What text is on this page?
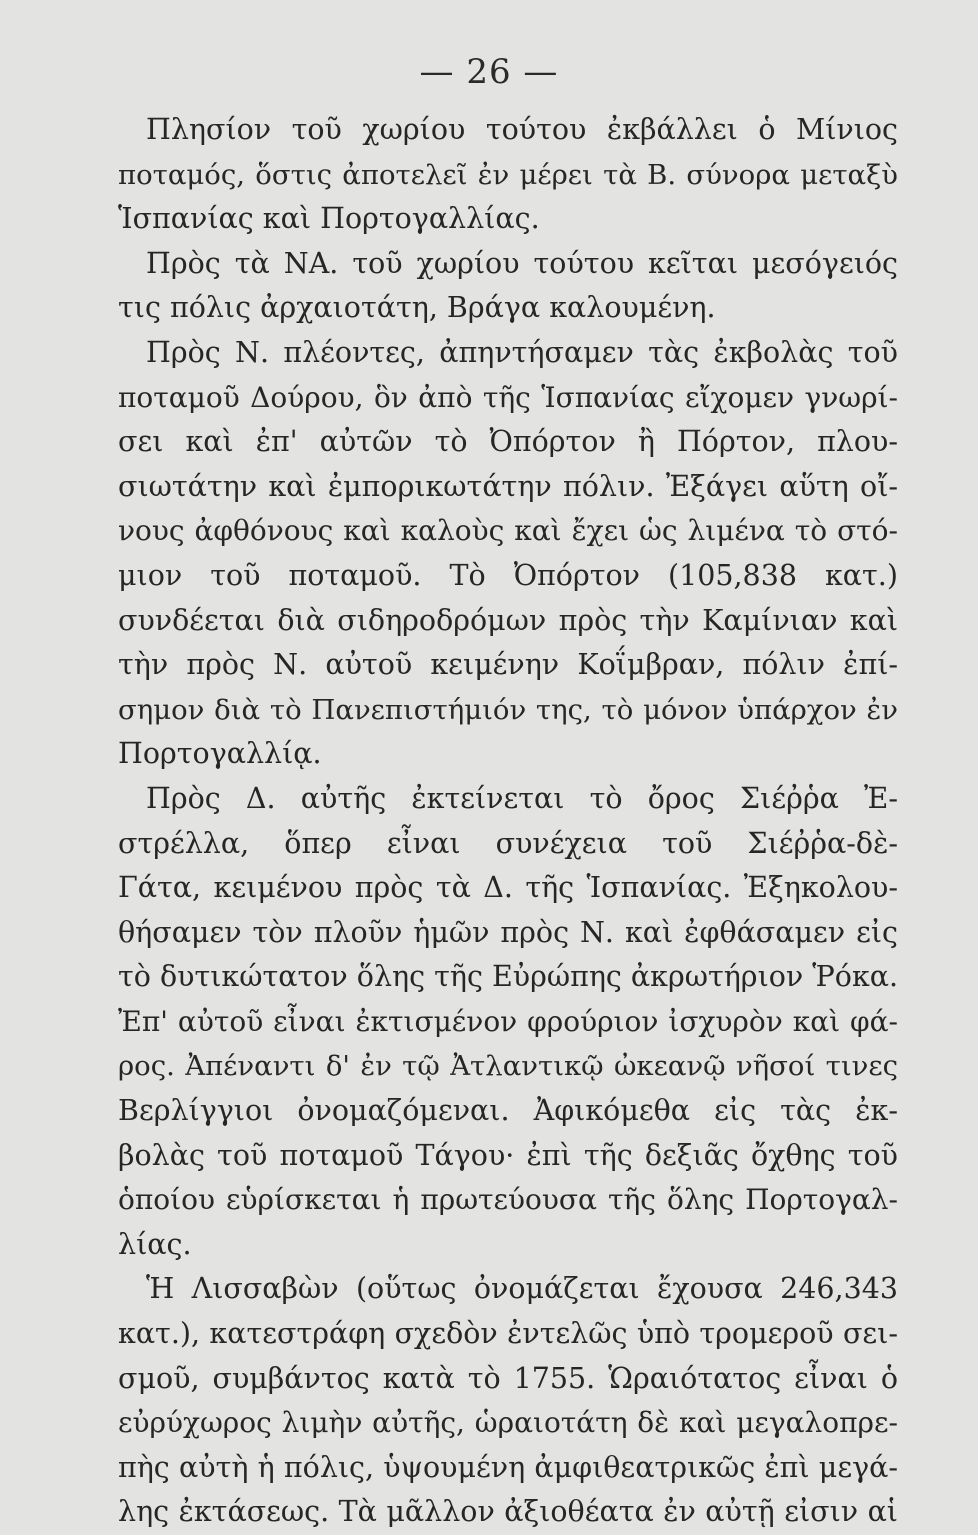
— 26 —
Πλησίον τοῦ χωρίου τούτου ἐκβάλλει ὁ Μίνιος
ποταμός, ὅστις ἀποτελεῖ ἐν μέρει τὰ Β. σύνορα μεταξὺ
Ἱσπανίας καὶ Πορτογαλλίας.
Πρὸς τὰ ΝΑ. τοῦ χωρίου τούτου κεῖται μεσόγειός
τις πόλις ἀρχαιοτάτη, Βράγα καλουμένη.
Πρὸς Ν. πλέοντες, ἀπηντήσαμεν τὰς ἐκβολὰς τοῦ
ποταμοῦ Δούρου, ὃν ἀπὸ τῆς Ἱσπανίας εἴχομεν γνωρί-
σει καὶ ἐπ' αὐτῶν τὸ Ὀπόρτον ἢ Πόρτον, πλου-
σιωτάτην καὶ ἐμπορικωτάτην πόλιν. Ἐξάγει αὕτη οἴ-
νους ἀφθόνους καὶ καλοὺς καὶ ἔχει ὡς λιμένα τὸ στό-
μιον τοῦ ποταμοῦ. Τὸ Ὀπόρτον (105,838 κατ.)
συνδέεται διὰ σιδηροδρόμων πρὸς τὴν Καμίνιαν καὶ
τὴν πρὸς Ν. αὐτοῦ κειμένην Κοΐμβραν, πόλιν ἐπί-
σημον διὰ τὸ Πανεπιστήμιόν της, τὸ μόνον ὑπάρχον ἐν
Πορτογαλλίᾳ.
Πρὸς Δ. αὐτῆς ἐκτείνεται τὸ ὄρος Σιέῤῥα Ἐ-
στρέλλα, ὅπερ εἶναι συνέχεια τοῦ Σιέῤῥα-δὲ-
Γάτα, κειμένου πρὸς τὰ Δ. τῆς Ἱσπανίας. Ἐξηκολου-
θήσαμεν τὸν πλοῦν ἡμῶν πρὸς Ν. καὶ ἐφθάσαμεν εἰς
τὸ δυτικώτατον ὅλης τῆς Εὐρώπης ἀκρωτήριον Ῥόκα.
Ἐπ' αὐτοῦ εἶναι ἐκτισμένον φρούριον ἰσχυρὸν καὶ φά-
ρος. Ἀπέναντι δ' ἐν τῷ Ἀτλαντικῷ ὠκεανῷ νῆσοί τινες
Βερλίγγιοι ὀνομαζόμεναι. Ἀφικόμεθα εἰς τὰς ἐκ-
βολὰς τοῦ ποταμοῦ Τάγου· ἐπὶ τῆς δεξιᾶς ὄχθης τοῦ
ὁποίου εὑρίσκεται ἡ πρωτεύουσα τῆς ὅλης Πορτογαλ-
λίας.
Ἡ Λισσαβὼν (οὕτως ὀνομάζεται ἔχουσα 246,343
κατ.), κατεστράφη σχεδὸν ἐντελῶς ὑπὸ τρομεροῦ σει-
σμοῦ, συμβάντος κατὰ τὸ 1755. Ὡραιότατος εἶναι ὁ
εὐρύχωρος λιμὴν αὐτῆς, ὡραιοτάτη δὲ καὶ μεγαλοπρε-
πὴς αὐτὴ ἡ πόλις, ὑψουμένη ἀμφιθεατρικῶς ἐπὶ μεγά-
λης ἐκτάσεως. Τὰ μᾶλλον ἀξιοθέατα ἐν αὐτῇ εἰσιν αἱ
